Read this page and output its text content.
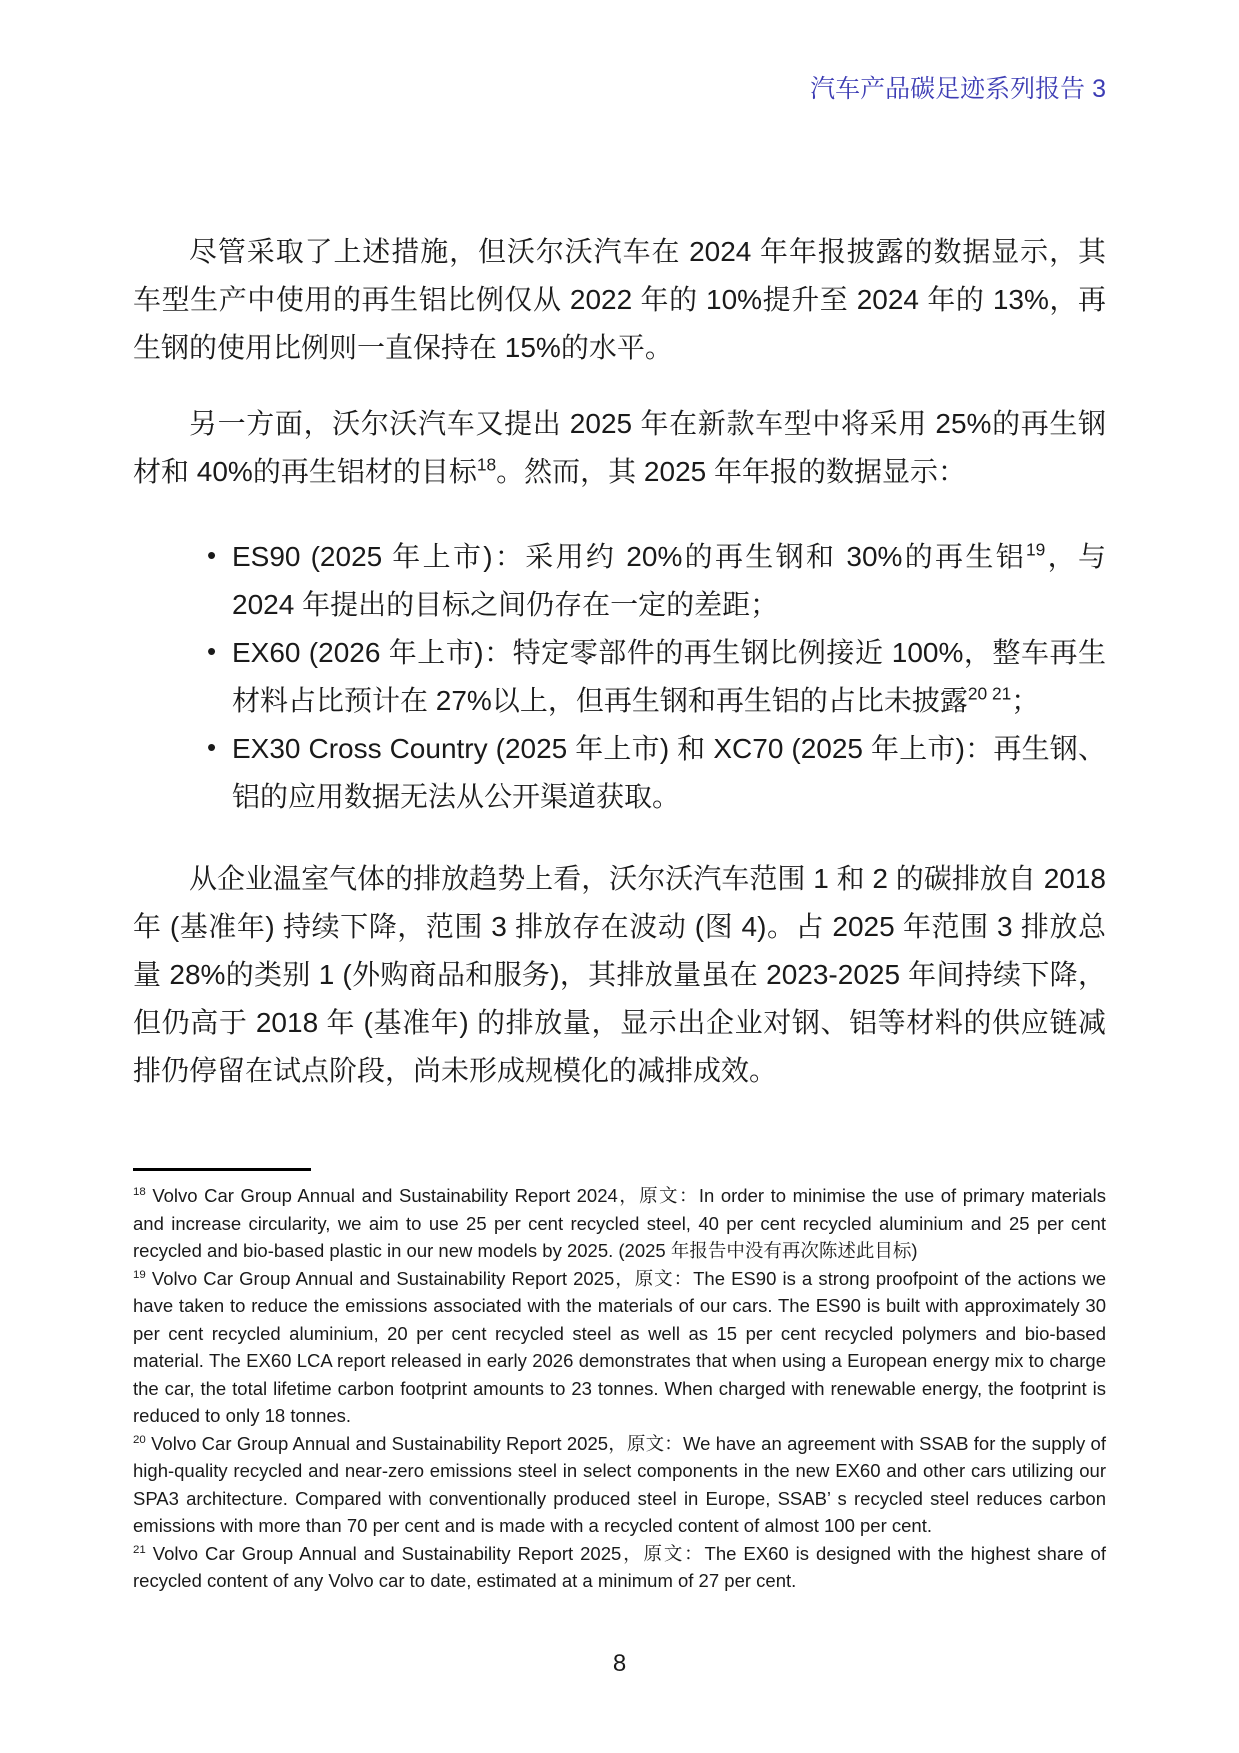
汽车产品碳足迹系列报告 3

尽管采取了上述措施，但沃尔沃汽车在 2024 年年报披露的数据显示，其车型生产中使用的再生铝比例仅从 2022 年的 10%提升至 2024 年的 13%，再生钢的使用比例则一直保持在 15%的水平。

另一方面，沃尔沃汽车又提出 2025 年在新款车型中将采用 25%的再生钢材和 40%的再生铝材的目标$^{18}$。然而，其 2025 年年报的数据显示：

• ES90 (2025 年上市)：采用约 20%的再生钢和 30%的再生铝$^{19}$，与 2024 年提出的目标之间仍存在一定的差距；
• EX60 (2026 年上市)：特定零部件的再生钢比例接近 100%，整车再生材料占比预计在 27%以上，但再生钢和再生铝的占比未披露$^{20 21}$；
• EX30 Cross Country (2025 年上市) 和 XC70 (2025 年上市)：再生钢、铝的应用数据无法从公开渠道获取。

从企业温室气体的排放趋势上看，沃尔沃汽车范围 1 和 2 的碳排放自 2018 年 (基准年) 持续下降，范围 3 排放存在波动 (图 4)。占 2025 年范围 3 排放总量 28%的类别 1 (外购商品和服务)，其排放量虽在 2023-2025 年间持续下降，但仍高于 2018 年 (基准年) 的排放量，显示出企业对钢、铝等材料的供应链减排仍停留在试点阶段，尚未形成规模化的减排成效。

$^{18}$ Volvo Car Group Annual and Sustainability Report 2024，原文：In order to minimise the use of primary materials and increase circularity, we aim to use 25 per cent recycled steel, 40 per cent recycled aluminium and 25 per cent recycled and bio-based plastic in our new models by 2025. (2025 年报告中没有再次陈述此目标)

$^{19}$ Volvo Car Group Annual and Sustainability Report 2025，原文：The ES90 is a strong proofpoint of the actions we have taken to reduce the emissions associated with the materials of our cars. The ES90 is built with approximately 30 per cent recycled aluminium, 20 per cent recycled steel as well as 15 per cent recycled polymers and bio-based material. The EX60 LCA report released in early 2026 demonstrates that when using a European energy mix to charge the car, the total lifetime carbon footprint amounts to 23 tonnes. When charged with renewable energy, the footprint is reduced to only 18 tonnes.

$^{20}$ Volvo Car Group Annual and Sustainability Report 2025，原文：We have an agreement with SSAB for the supply of high-quality recycled and near-zero emissions steel in select components in the new EX60 and other cars utilizing our SPA3 architecture. Compared with conventionally produced steel in Europe, SSAB’ s recycled steel reduces carbon emissions with more than 70 per cent and is made with a recycled content of almost 100 per cent.

$^{21}$ Volvo Car Group Annual and Sustainability Report 2025，原文：The EX60 is designed with the highest share of recycled content of any Volvo car to date, estimated at a minimum of 27 per cent.

8
